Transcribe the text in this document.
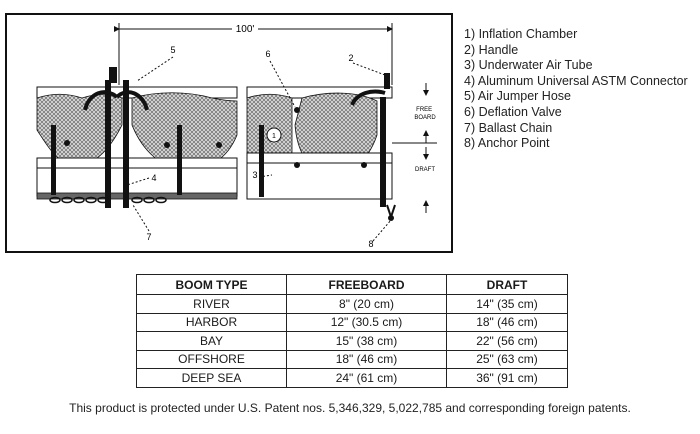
100'
FREE BOARD
DRAFT
5	6	2
1
4	3
7
8
1) Inflation Chamber
2) Handle
3) Underwater Air Tube
4) Aluminum Universal ASTM Connector
5) Air Jumper Hose
6) Deflation Valve
7) Ballast Chain
8) Anchor Point
BOOM TYPE	FREEBOARD	DRAFT
RIVER	8" (20 cm)	14" (35 cm)
HARBOR	12" (30.5 cm)	18" (46 cm)
BAY	15" (38 cm)	22" (56 cm)
OFFSHORE	18" (46 cm)	25" (63 cm)
DEEP SEA	24" (61 cm)	36" (91 cm)

This product is protected under U.S. Patent nos. 5,346,329, 5,022,785 and corresponding foreign patents.
